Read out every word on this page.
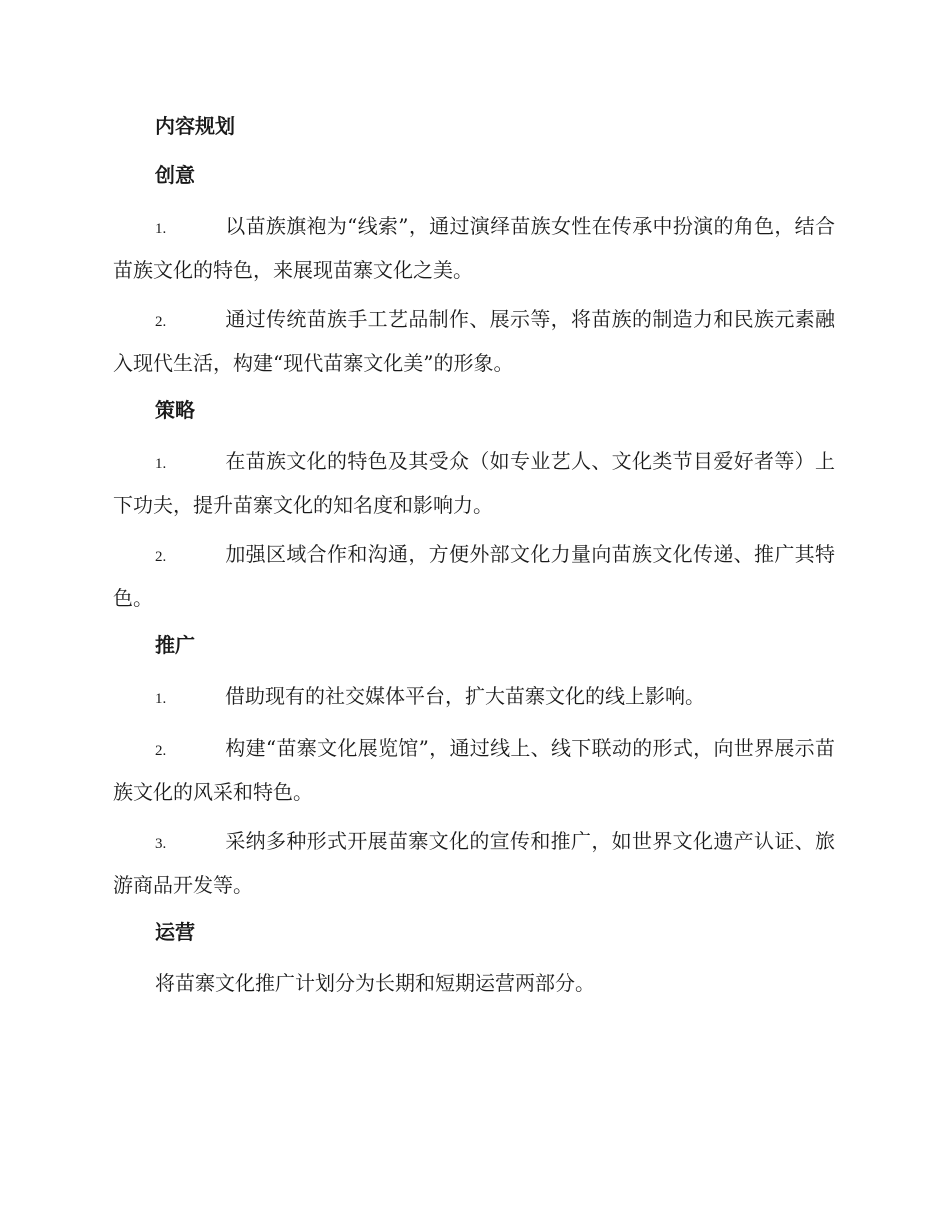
内容规划
创意
1.	以苗族旗袍为“线索”，通过演绎苗族女性在传承中扮演的角色，结合苗族文化的特色，来展现苗寨文化之美。
2.	通过传统苗族手工艺品制作、展示等，将苗族的制造力和民族元素融入现代生活，构建“现代苗寨文化美”的形象。
策略
1.	在苗族文化的特色及其受众（如专业艺人、文化类节目爱好者等）上下功夫，提升苗寨文化的知名度和影响力。
2.	加强区域合作和沟通，方便外部文化力量向苗族文化传递、推广其特色。
推广
1.	借助现有的社交媒体平台，扩大苗寨文化的线上影响。
2.	构建“苗寨文化展览馆”，通过线上、线下联动的形式，向世界展示苗族文化的风采和特色。
3.	采纳多种形式开展苗寨文化的宣传和推广，如世界文化遗产认证、旅游商品开发等。
运营
将苗寨文化推广计划分为长期和短期运营两部分。
